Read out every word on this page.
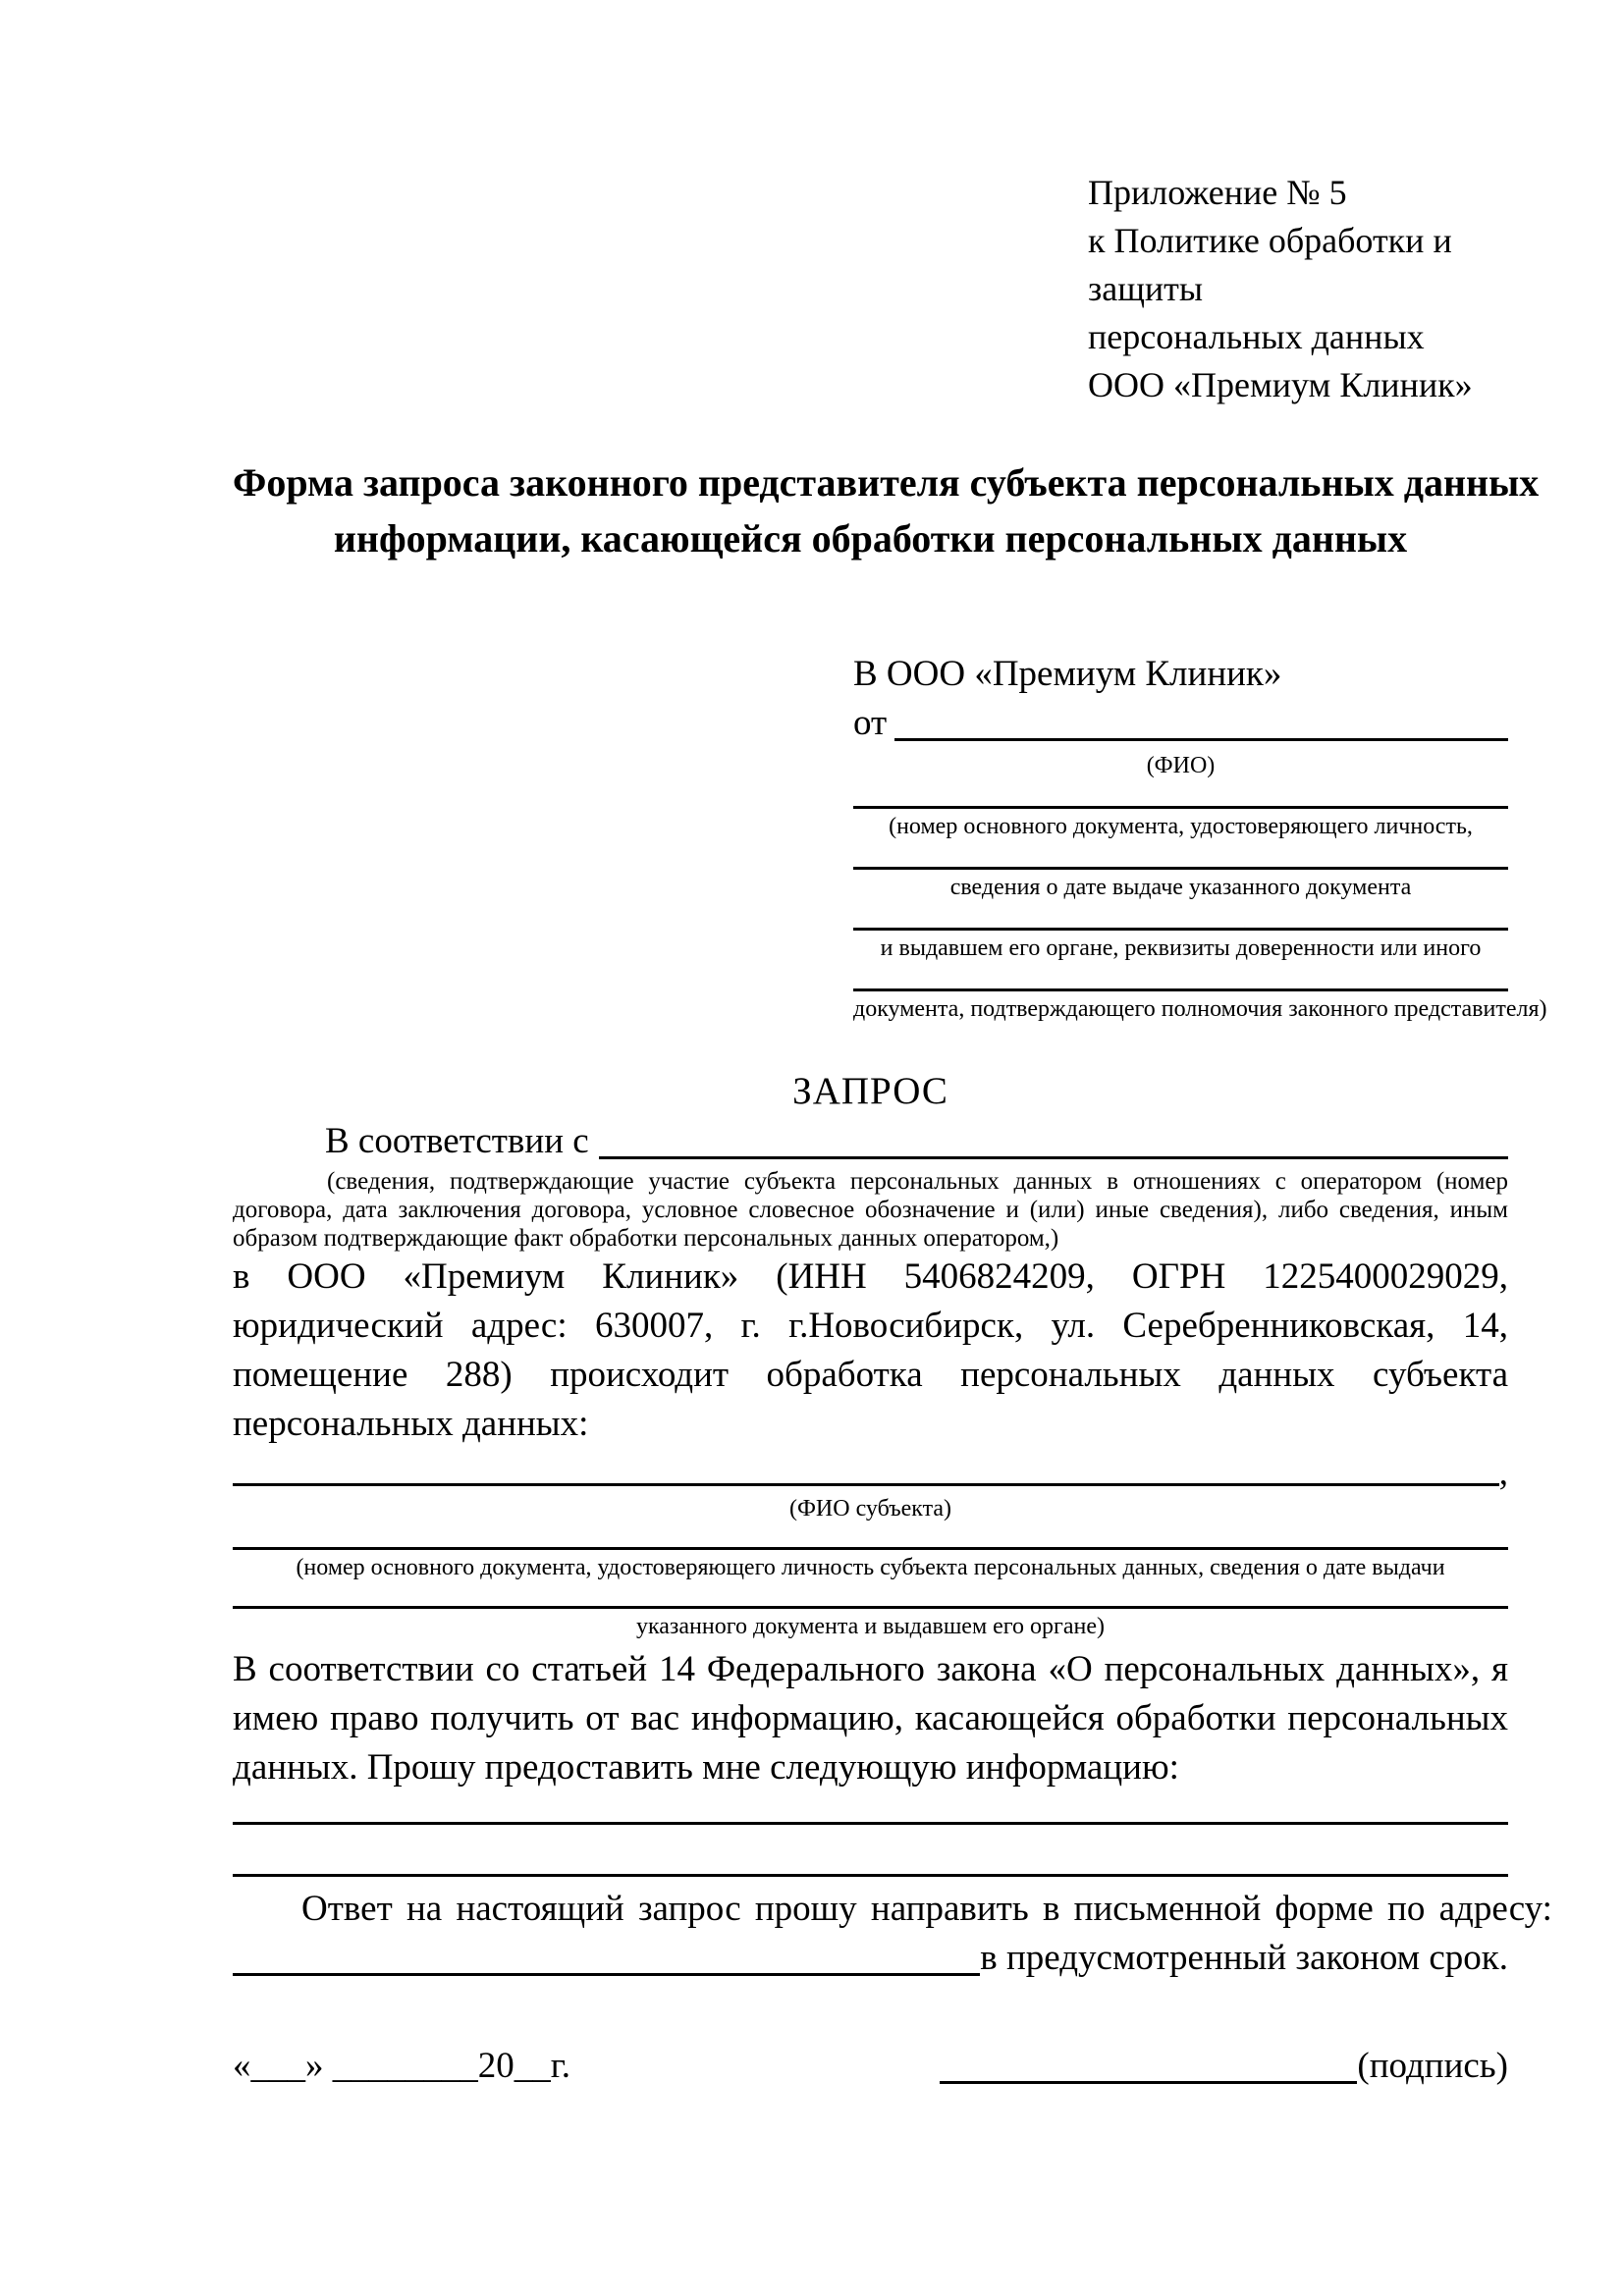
Приложение № 5
к Политике обработки и защиты
персональных данных
ООО «Премиум Клиник»
Форма запроса законного представителя субъекта персональных данных
информации, касающейся обработки персональных данных
В ООО «Премиум Клиник»
от
(ФИО)
(номер основного документа, удостоверяющего личность,
сведения о дате выдаче указанного документа
и выдавшем его органе, реквизиты доверенности или иного
документа, подтверждающего полномочия законного представителя)
ЗАПРОС
В соответствии с
(сведения, подтверждающие участие субъекта персональных данных в отношениях с оператором (номер договора, дата заключения договора, условное словесное обозначение и (или) иные сведения), либо сведения, иным образом подтверждающие факт обработки персональных данных оператором,)

в ООО «Премиум Клиник» (ИНН 5406824209, ОГРН 1225400029029, юридический адрес: 630007, г. г.Новосибирск, ул. Серебренниковская, 14, помещение 288) происходит обработка персональных данных субъекта персональных данных:

,
(ФИО субъекта)
(номер основного документа, удостоверяющего личность субъекта персональных данных, сведения о дате выдачи
указанного документа и выдавшем его органе)

В соответствии со статьей 14 Федерального закона «О персональных данных», я имею право получить от вас информацию, касающейся обработки персональных данных. Прошу предоставить мне следующую информацию:

Ответ на настоящий запрос прошу направить в письменной форме по адресу:

в предусмотренный законом срок.
«___» ________20__г.	(подпись)
